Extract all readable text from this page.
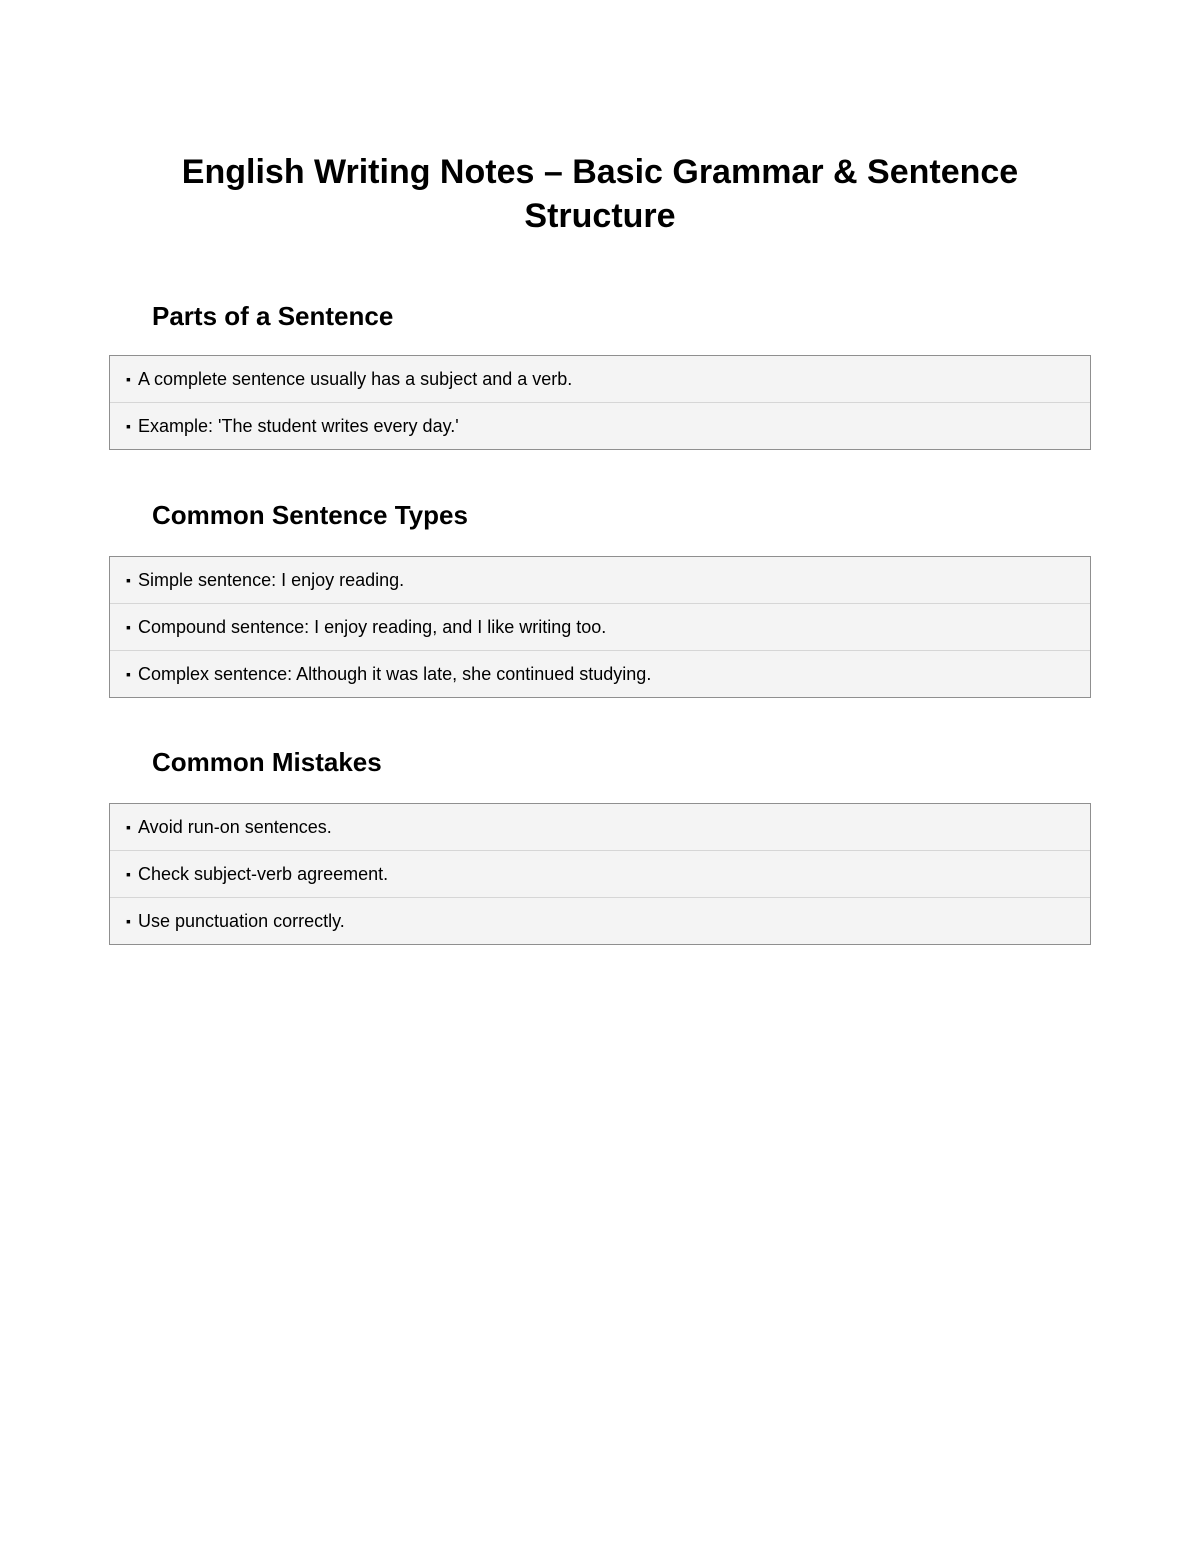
English Writing Notes – Basic Grammar & Sentence Structure
Parts of a Sentence
▪ A complete sentence usually has a subject and a verb.
▪ Example: 'The student writes every day.'
Common Sentence Types
▪ Simple sentence: I enjoy reading.
▪ Compound sentence: I enjoy reading, and I like writing too.
▪ Complex sentence: Although it was late, she continued studying.
Common Mistakes
▪ Avoid run-on sentences.
▪ Check subject-verb agreement.
▪ Use punctuation correctly.
